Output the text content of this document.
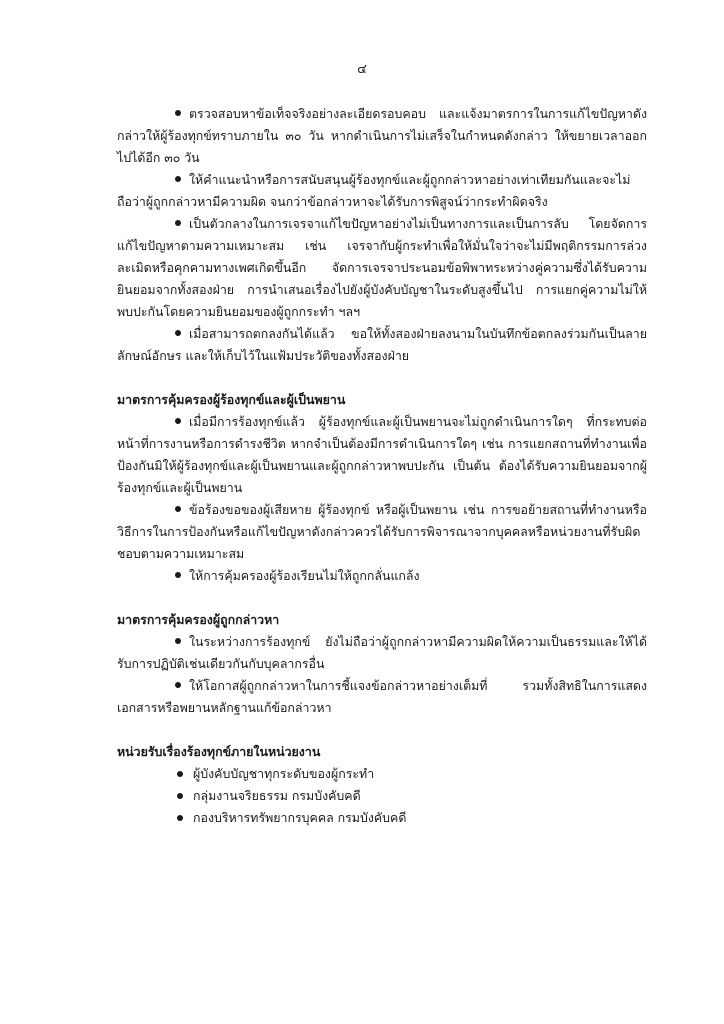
๔

ตรวจสอบหาข้อเท็จจริงอย่างละเอียดรอบคอบ และแจ้งมาตรการในการแก้ไขปัญหาดังกล่าวให้ผู้ร้องทุกข์ทราบภายใน ๓๐ วัน หากดำเนินการไม่เสร็จในกำหนดดังกล่าว ให้ขยายเวลาออกไปได้อีก ๓๐ วัน

ให้คำแนะนำหรือการสนับสนุนผู้ร้องทุกข์และผู้ถูกกล่าวหาอย่างเท่าเทียมกันและจะไม่ถือว่าผู้ถูกกล่าวหามีความผิด จนกว่าข้อกล่าวหาจะได้รับการพิสูจน์ว่ากระทำผิดจริง

เป็นตัวกลางในการเจรจาแก้ไขปัญหาอย่างไม่เป็นทางการและเป็นการลับ โดยจัดการแก้ไขปัญหาตามความเหมาะสม เช่น เจรจากับผู้กระทำเพื่อให้มั่นใจว่าจะไม่มีพฤติกรรมการล่วงละเมิดหรือคุกคามทางเพศเกิดขึ้นอีก จัดการเจรจาประนอมข้อพิพาทระหว่างคู่ความซึ่งได้รับความยินยอมจากทั้งสองฝ่าย การนำเสนอเรื่องไปยังผู้บังคับบัญชาในระดับสูงขึ้นไป การแยกคู่ความไม่ให้พบปะกันโดยความยินยอมของผู้ถูกกระทำ ฯลฯ

เมื่อสามารถตกลงกันได้แล้ว ขอให้ทั้งสองฝ่ายลงนามในบันทึกข้อตกลงร่วมกันเป็นลายลักษณ์อักษร และให้เก็บไว้ในแฟ้มประวัติของทั้งสองฝ่าย

มาตรการคุ้มครองผู้ร้องทุกข์และผู้เป็นพยาน

เมื่อมีการร้องทุกข์แล้ว ผู้ร้องทุกข์และผู้เป็นพยานจะไม่ถูกดำเนินการใดๆ ที่กระทบต่อหน้าที่การงานหรือการดำรงชีวิต หากจำเป็นต้องมีการดำเนินการใดๆ เช่น การแยกสถานที่ทำงานเพื่อป้องกันมิให้ผู้ร้องทุกข์และผู้เป็นพยานและผู้ถูกกล่าวหาพบปะกัน เป็นต้น ต้องได้รับความยินยอมจากผู้ร้องทุกข์และผู้เป็นพยาน

ข้อร้องขอของผู้เสียหาย ผู้ร้องทุกข์ หรือผู้เป็นพยาน เช่น การขอย้ายสถานที่ทำงานหรือวิธีการในการป้องกันหรือแก้ไขปัญหาดังกล่าวควรได้รับการพิจารณาจากบุคคลหรือหน่วยงานที่รับผิดชอบตามความเหมาะสม

ให้การคุ้มครองผู้ร้องเรียนไม่ให้ถูกกลั่นแกล้ง

มาตรการคุ้มครองผู้ถูกกล่าวหา

ในระหว่างการร้องทุกข์ ยังไม่ถือว่าผู้ถูกกล่าวหามีความผิดให้ความเป็นธรรมและให้ได้รับการปฏิบัติเช่นเดียวกันกับบุคลากรอื่น

ให้โอกาสผู้ถูกกล่าวหาในการชี้แจงข้อกล่าวหาอย่างเต็มที่ รวมทั้งสิทธิในการแสดงเอกสารหรือพยานหลักฐานแก้ข้อกล่าวหา

หน่วยรับเรื่องร้องทุกข์ภายในหน่วยงาน

ผู้บังคับบัญชาทุกระดับของผู้กระทำ

กลุ่มงานจริยธรรม กรมบังคับคดี

กองบริหารทรัพยากรบุคคล กรมบังคับคดี
